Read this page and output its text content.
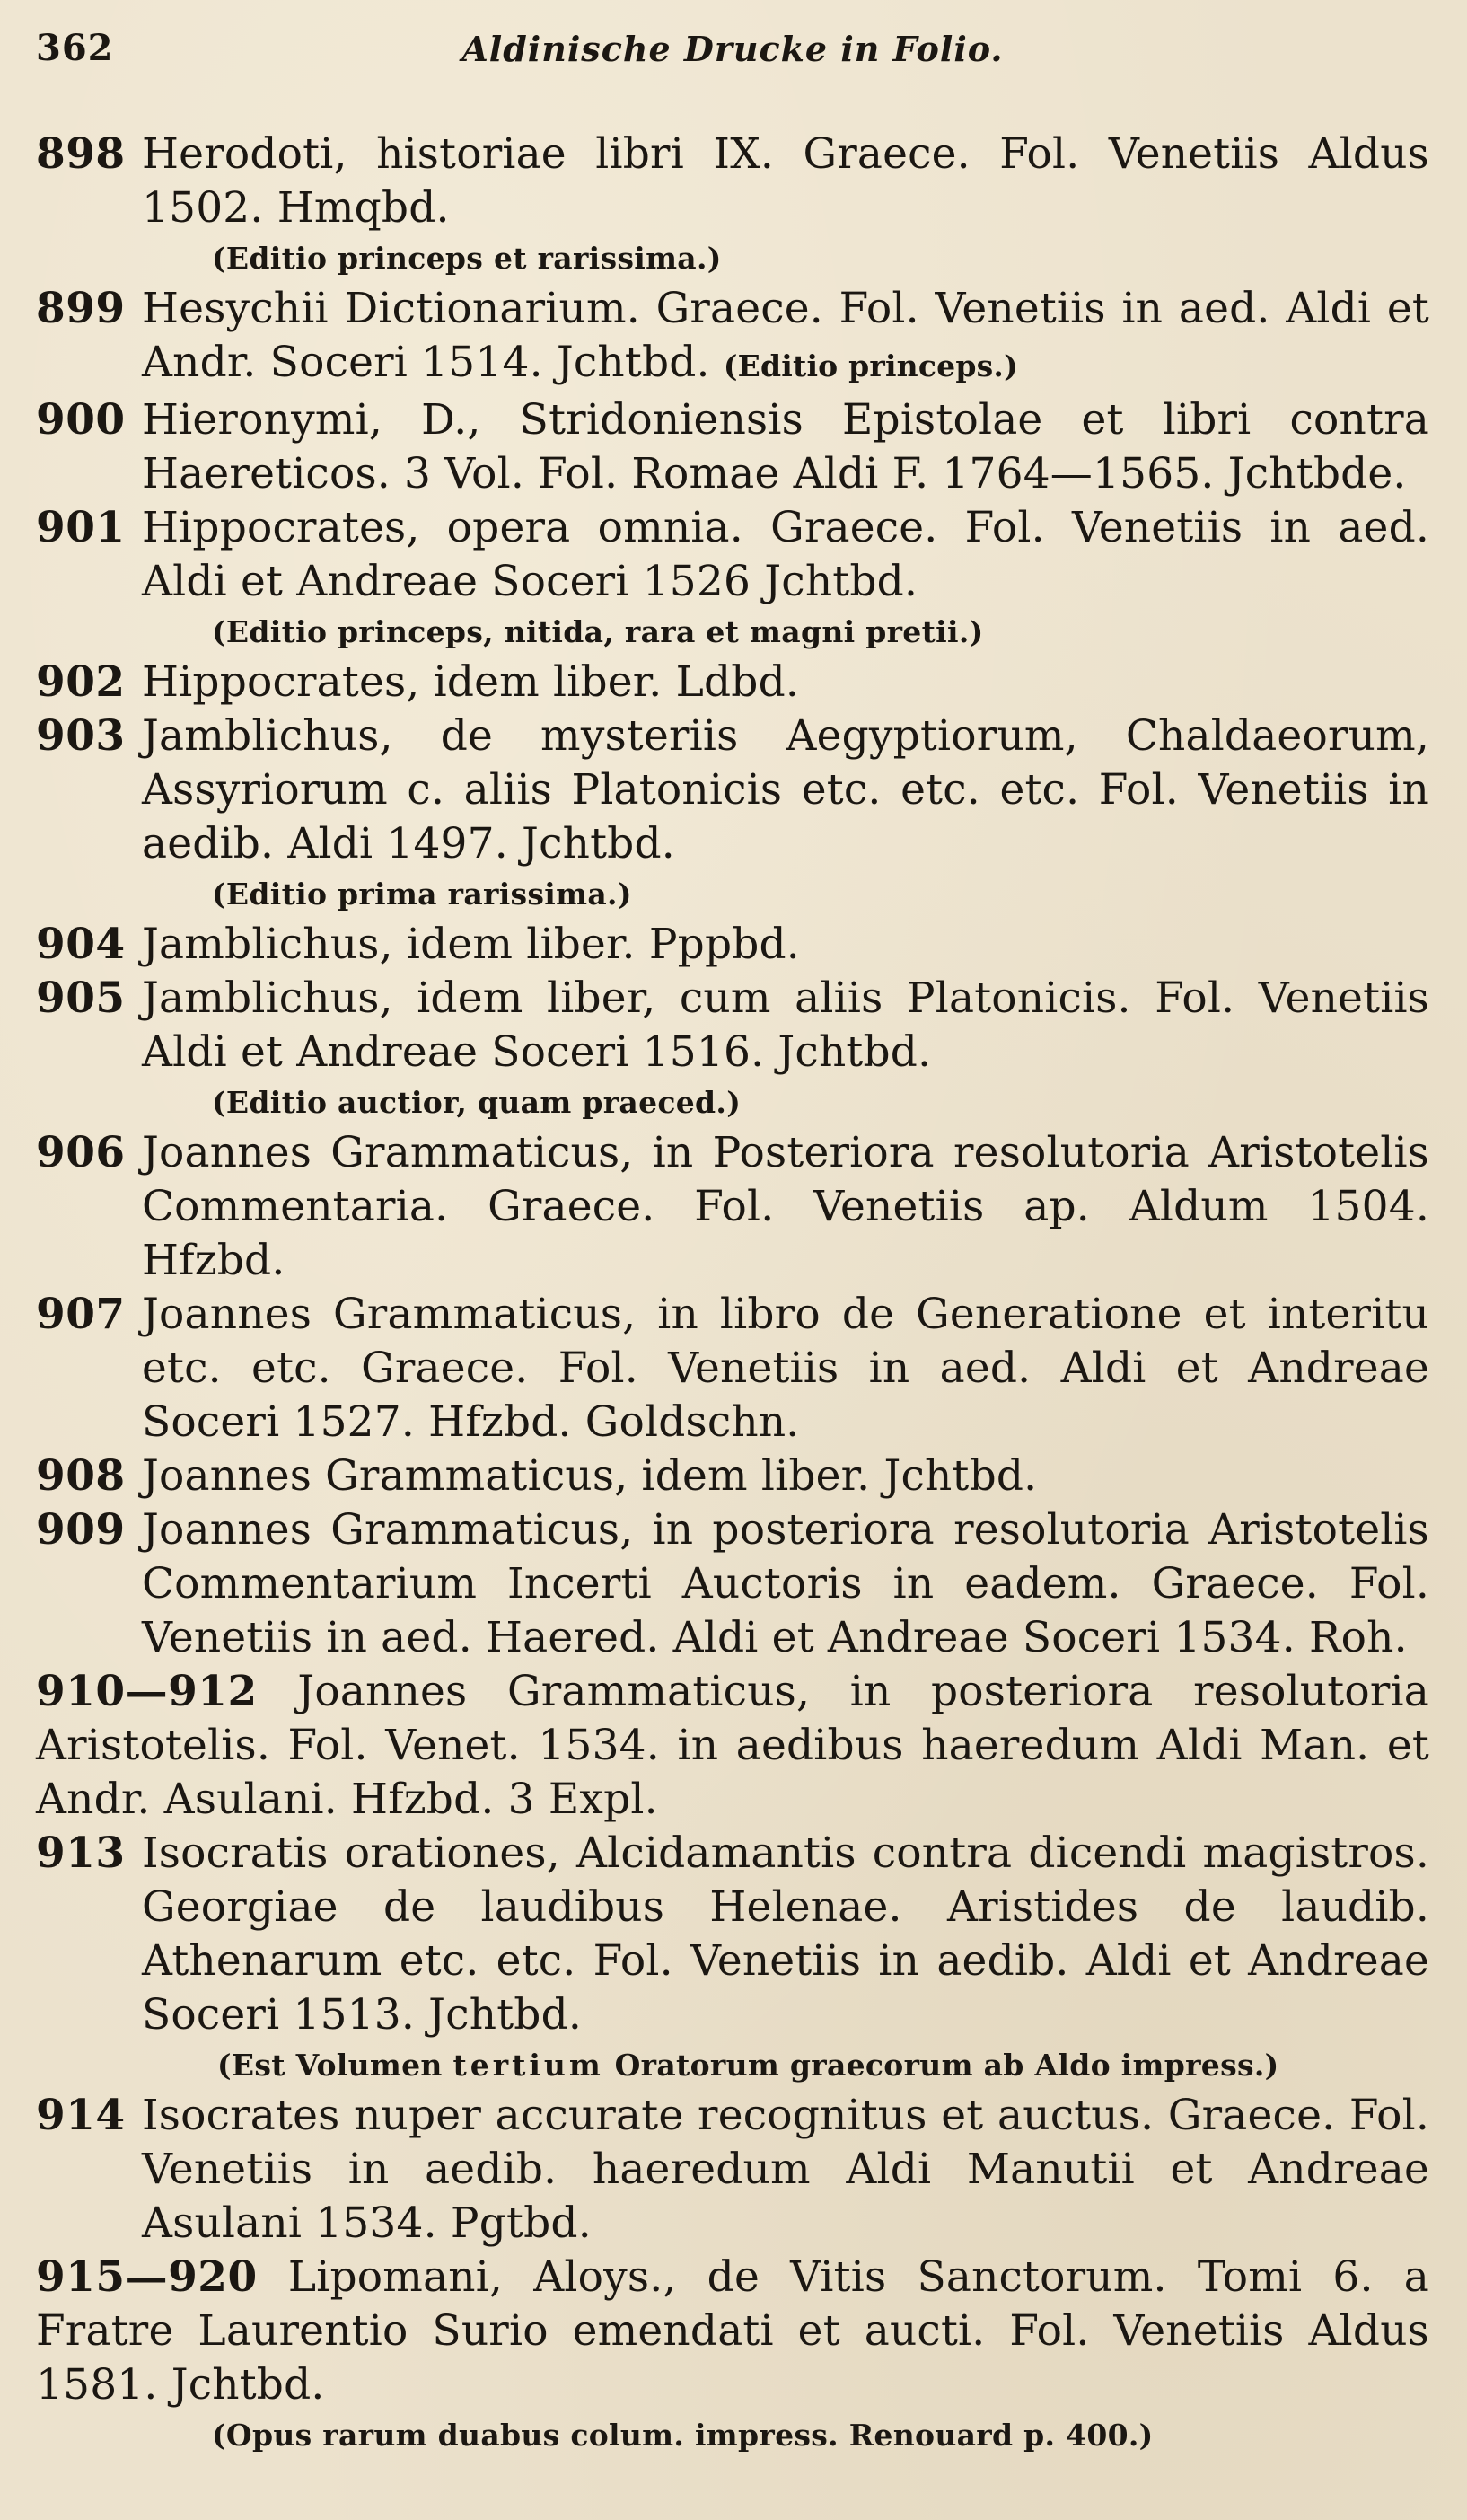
362	Aldinische Drucke in Folio.
898 Herodoti, historiae libri IX. Graece. Fol. Venetiis Aldus 1502. Hmqbd.
(Editio princeps et rarissima.)
899 Hesychii Dictionarium. Graece. Fol. Venetiis in aed. Aldi et Andr. Soceri 1514. Jchtbd. (Editio princeps.)
900 Hieronymi, D., Stridoniensis Epistolae et libri contra Haereticos. 3 Vol. Fol. Romae Aldi F. 1764—1565. Jchtbde.
901 Hippocrates, opera omnia. Graece. Fol. Venetiis in aed. Aldi et Andreae Soceri 1526 Jchtbd.
(Editio princeps, nitida, rara et magni pretii.)
902 Hippocrates, idem liber. Ldbd.
903 Jamblichus, de mysteriis Aegyptiorum, Chaldaeorum, Assyriorum c. aliis Platonicis etc. etc. etc. Fol. Venetiis in aedib. Aldi 1497. Jchtbd.
(Editio prima rarissima.)
904 Jamblichus, idem liber. Pppbd.
905 Jamblichus, idem liber, cum aliis Platonicis. Fol. Venetiis Aldi et Andreae Soceri 1516. Jchtbd.
(Editio auctior, quam praeced.)
906 Joannes Grammaticus, in Posteriora resolutoria Aristotelis Commentaria. Graece. Fol. Venetiis ap. Aldum 1504. Hfzbd.
907 Joannes Grammaticus, in libro de Generatione et interitu etc. etc. Graece. Fol. Venetiis in aed. Aldi et Andreae Soceri 1527. Hfzbd. Goldschn.
908 Joannes Grammaticus, idem liber. Jchtbd.
909 Joannes Grammaticus, in posteriora resolutoria Aristotelis Commentarium Incerti Auctoris in eadem. Graece. Fol. Venetiis in aed. Haered. Aldi et Andreae Soceri 1534. Roh.
910—912 Joannes Grammaticus, in posteriora resolutoria Aristotelis. Fol. Venet. 1534. in aedibus haeredum Aldi Man. et Andr. Asulani. Hfzbd. 3 Expl.
913 Isocratis orationes, Alcidamantis contra dicendi magistros. Georgiae de laudibus Helenae. Aristides de laudib. Athenarum etc. etc. Fol. Venetiis in aedib. Aldi et Andreae Soceri 1513. Jchtbd.
(Est Volumen tertium Oratorum graecorum ab Aldo impress.)
914 Isocrates nuper accurate recognitus et auctus. Graece. Fol. Venetiis in aedib. haeredum Aldi Manutii et Andreae Asulani 1534. Pgtbd.
915—920 Lipomani, Aloys., de Vitis Sanctorum. Tomi 6. a Fratre Laurentio Surio emendati et aucti. Fol. Venetiis Aldus 1581. Jchtbd.
(Opus rarum duabus colum. impress. Renouard p. 400.)
